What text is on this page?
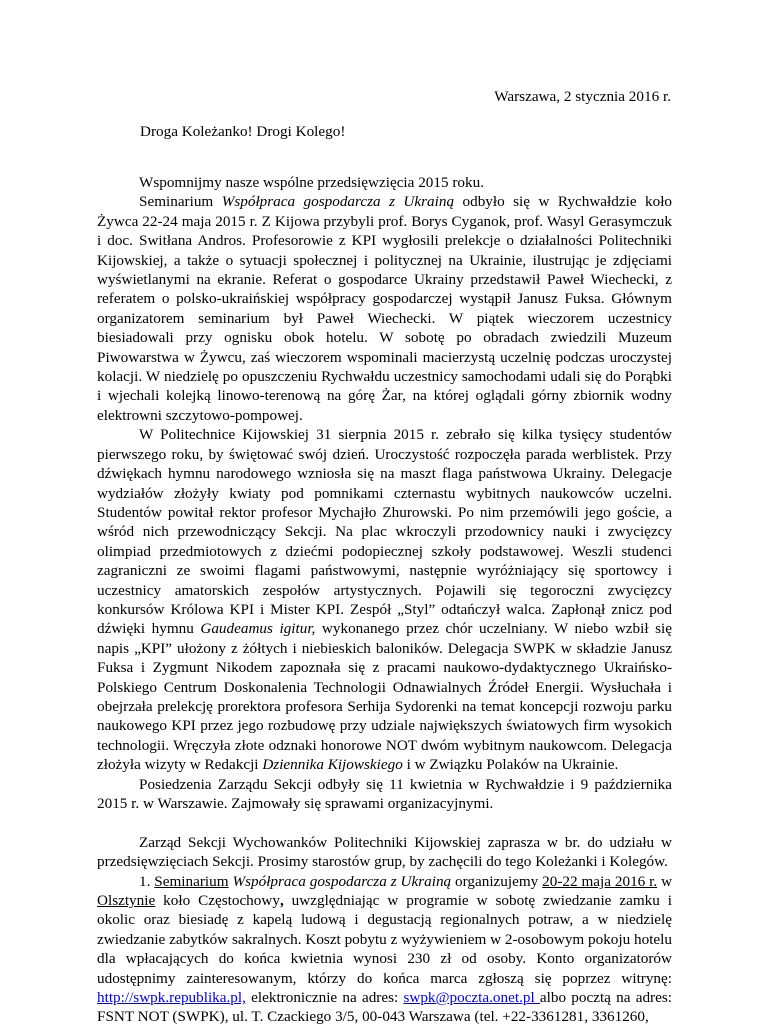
Warszawa, 2 stycznia 2016 r.
Droga Koleżanko! Drogi Kolego!

Wspomnijmy nasze wspólne przedsięwzięcia 2015 roku.

Seminarium Współpraca gospodarcza z Ukrainą odbyło się w Rychwałdzie koło Żywca 22-24 maja 2015 r. Z Kijowa przybyli prof. Borys Cyganok, prof. Wasyl Gerasymczuk i doc. Switłana Andros. Profesorowie z KPI wygłosili prelekcje o działalności Politechniki Kijowskiej, a także o sytuacji społecznej i politycznej na Ukrainie, ilustrując je zdjęciami wyświetlanymi na ekranie. Referat o gospodarce Ukrainy przedstawił Paweł Wiechecki, z referatem o polsko-ukraińskiej współpracy gospodarczej wystąpił Janusz Fuksa. Głównym organizatorem seminarium był Paweł Wiechecki. W piątek wieczorem uczestnicy biesiadowali przy ognisku obok hotelu. W sobotę po obradach zwiedzili Muzeum Piwowarstwa w Żywcu, zaś wieczorem wspominali macierzystą uczelnię podczas uroczystej kolacji. W niedzielę po opuszczeniu Rychwałdu uczestnicy samochodami udali się do Porąbki i wjechali kolejką linowo-terenową na górę Żar, na której oglądali górny zbiornik wodny elektrowni szczytowo-pompowej.

W Politechnice Kijowskiej 31 sierpnia 2015 r. zebrało się kilka tysięcy studentów pierwszego roku, by świętować swój dzień. Uroczystość rozpoczęła parada werblistek. Przy dźwiękach hymnu narodowego wzniosła się na maszt flaga państwowa Ukrainy. Delegacje wydziałów złożyły kwiaty pod pomnikami czternastu wybitnych naukowców uczelni. Studentów powitał rektor profesor Mychajło Zhurowski. Po nim przemówili jego goście, a wśród nich przewodniczący Sekcji. Na plac wkroczyli przodownicy nauki i zwycięzcy olimpiad przedmiotowych z dziećmi podopiecznej szkoły podstawowej. Weszli studenci zagraniczni ze swoimi flagami państwowymi, następnie wyróżniający się sportowcy i uczestnicy amatorskich zespołów artystycznych. Pojawili się tegoroczni zwycięzcy konkursów Królowa KPI i Mister KPI. Zespół „Styl” odtańczył walca. Zapłonął znicz pod dźwięki hymnu Gaudeamus igitur, wykonanego przez chór uczelniany. W niebo wzbił się napis „KPI” ułożony z żółtych i niebieskich baloników. Delegacja SWPK w składzie Janusz Fuksa i Zygmunt Nikodem zapoznała się z pracami naukowo-dydaktycznego Ukraińsko-Polskiego Centrum Doskonalenia Technologii Odnawialnych Źródeł Energii. Wysłuchała i obejrzała prelekcję prorektora profesora Serhija Sydorenki na temat koncepcji rozwoju parku naukowego KPI przez jego rozbudowę przy udziale największych światowych firm wysokich technologii. Wręczyła złote odznaki honorowe NOT dwóm wybitnym naukowcom. Delegacja złożyła wizyty w Redakcji Dziennika Kijowskiego i w Związku Polaków na Ukrainie.

Posiedzenia Zarządu Sekcji odbyły się 11 kwietnia w Rychwałdzie i 9 października 2015 r. w Warszawie. Zajmowały się sprawami organizacyjnymi.

Zarząd Sekcji Wychowanków Politechniki Kijowskiej zaprasza w br. do udziału w przedsięwzięciach Sekcji. Prosimy starostów grup, by zachęcili do tego Koleżanki i Kolegów.

1. Seminarium Współpraca gospodarcza z Ukrainą organizujemy 20-22 maja 2016 r. w Olsztynie koło Częstochowy, uwzględniając w programie w sobotę zwiedzanie zamku i okolic oraz biesiadę z kapelą ludową i degustacją regionalnych potraw, a w niedzielę zwiedzanie zabytków sakralnych. Koszt pobytu z wyżywieniem w 2-osobowym pokoju hotelu dla wpłacających do końca kwietnia wynosi 230 zł od osoby. Konto organizatorów udostępnimy zainteresowanym, którzy do końca marca zgłoszą się poprzez witrynę: http://swpk.republika.pl, elektronicznie na adres: swpk@poczta.onet.pl albo pocztą na adres: FSNT NOT (SWPK), ul. T. Czackiego 3/5, 00-043 Warszawa (tel. +22-3361281, 3361260,
